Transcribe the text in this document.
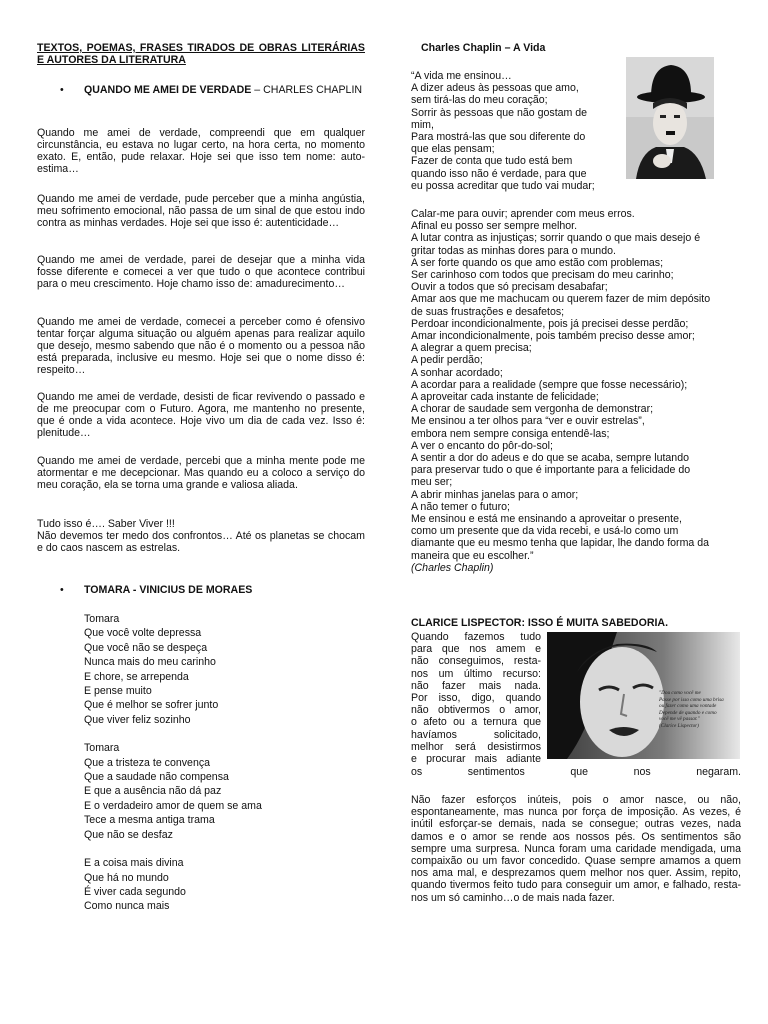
TEXTOS, POEMAS, FRASES TIRADOS DE OBRAS LITERÁRIAS E AUTORES DA LITERATURA
• QUANDO ME AMEI DE VERDADE – CHARLES CHAPLIN

Quando me amei de verdade, compreendi que em qualquer circunstância, eu estava no lugar certo, na hora certa, no momento exato. E, então, pude relaxar. Hoje sei que isso tem nome: auto-estima…

Quando me amei de verdade, pude perceber que a minha angústia, meu sofrimento emocional, não passa de um sinal de que estou indo contra as minhas verdades. Hoje sei que isso é: autenticidade…

Quando me amei de verdade, parei de desejar que a minha vida fosse diferente e comecei a ver que tudo o que acontece contribui para o meu crescimento. Hoje chamo isso de: amadurecimento…

Quando me amei de verdade, comecei a perceber como é ofensivo tentar forçar alguma situação ou alguém apenas para realizar aquilo que desejo, mesmo sabendo que não é o momento ou a pessoa não está preparada, inclusive eu mesmo. Hoje sei que o nome disso é: respeito…

Quando me amei de verdade, desisti de ficar revivendo o passado e de me preocupar com o Futuro. Agora, me mantenho no presente, que é onde a vida acontece. Hoje vivo um dia de cada vez. Isso é: plenitude…

Quando me amei de verdade, percebi que a minha mente pode me atormentar e me decepcionar. Mas quando eu a coloco a serviço do meu coração, ela se torna uma grande e valiosa aliada.

Tudo isso é…. Saber Viver !!!

Não devemos ter medo dos confrontos… Até os planetas se chocam e do caos nascem as estrelas.

• TOMARA - VINICIUS DE MORAES
Tomara
Que você volte depressa
Que você não se despeça
Nunca mais do meu carinho
E chore, se arrependa
E pense muito
Que é melhor se sofrer junto
Que viver feliz sozinho
Tomara
Que a tristeza te convença
Que a saudade não compensa
E que a ausência não dá paz
E o verdadeiro amor de quem se ama
Tece a mesma antiga trama
Que não se desfaz
E a coisa mais divina
Que há no mundo
É viver cada segundo
Como nunca mais
Charles Chaplin – A Vida
“A vida me ensinou…
A dizer adeus às pessoas que amo,
sem tirá-las do meu coração;
Sorrir às pessoas que não gostam de
mim,
Para mostrá-las que sou diferente do
que elas pensam;
Fazer de conta que tudo está bem
quando isso não é verdade, para que
eu possa acreditar que tudo vai mudar;
Calar-me para ouvir; aprender com meus erros.
Afinal eu posso ser sempre melhor.
A lutar contra as injustiças; sorrir quando o que mais desejo é
gritar todas as minhas dores para o mundo.
A ser forte quando os que amo estão com problemas;
Ser carinhoso com todos que precisam do meu carinho;
Ouvir a todos que só precisam desabafar;
Amar aos que me machucam ou querem fazer de mim depósito
de suas frustrações e desafetos;
Perdoar incondicionalmente, pois já precisei desse perdão;
Amar incondicionalmente, pois também preciso desse amor;
A alegrar a quem precisa;
A pedir perdão;
A sonhar acordado;
A acordar para a realidade (sempre que fosse necessário);
A aproveitar cada instante de felicidade;
A chorar de saudade sem vergonha de demonstrar;
Me ensinou a ter olhos para “ver e ouvir estrelas”,
embora nem sempre consiga entendê-las;
A ver o encanto do pôr-do-sol;
A sentir a dor do adeus e do que se acaba, sempre lutando
para preservar tudo o que é importante para a felicidade do
meu ser;
A abrir minhas janelas para o amor;
A não temer o futuro;
Me ensinou e está me ensinando a aproveitar o presente,
como um presente que da vida recebi, e usá-lo como um
diamante que eu mesmo tenha que lapidar, lhe dando forma da
maneira que eu escolher.”
(Charles Chaplin)
CLARICE LISPECTOR: ISSO É MUITA SABEDORIA.
Quando fazemos tudo
para que nos amem e
não conseguimos, resta-
nos um último recurso:
não fazer mais nada.
Por isso, digo, quando
não obtivermos o amor,
o afeto ou a ternura que
havíamos solicitado,
melhor será desistirmos
e procurar mais adiante
os	sentimentos	que	nos	negaram.
"Dou como você me
Passe por isso como uma brisa
ou fazer como uma vontade
Depende de quando e como
você me vê passar."
(Clarice Lispector)

Não fazer esforços inúteis, pois o amor nasce, ou não, espontaneamente, mas nunca por força de imposição. As vezes, é inútil esforçar-se demais, nada se consegue; outras vezes, nada damos e o amor se rende aos nossos pés. Os sentimentos são sempre uma surpresa. Nunca foram uma caridade mendigada, uma compaixão ou um favor concedido. Quase sempre amamos a quem nos ama mal, e desprezamos quem melhor nos quer. Assim, repito, quando tivermos feito tudo para conseguir um amor, e falhado, resta-nos um só caminho…o de mais nada fazer.
